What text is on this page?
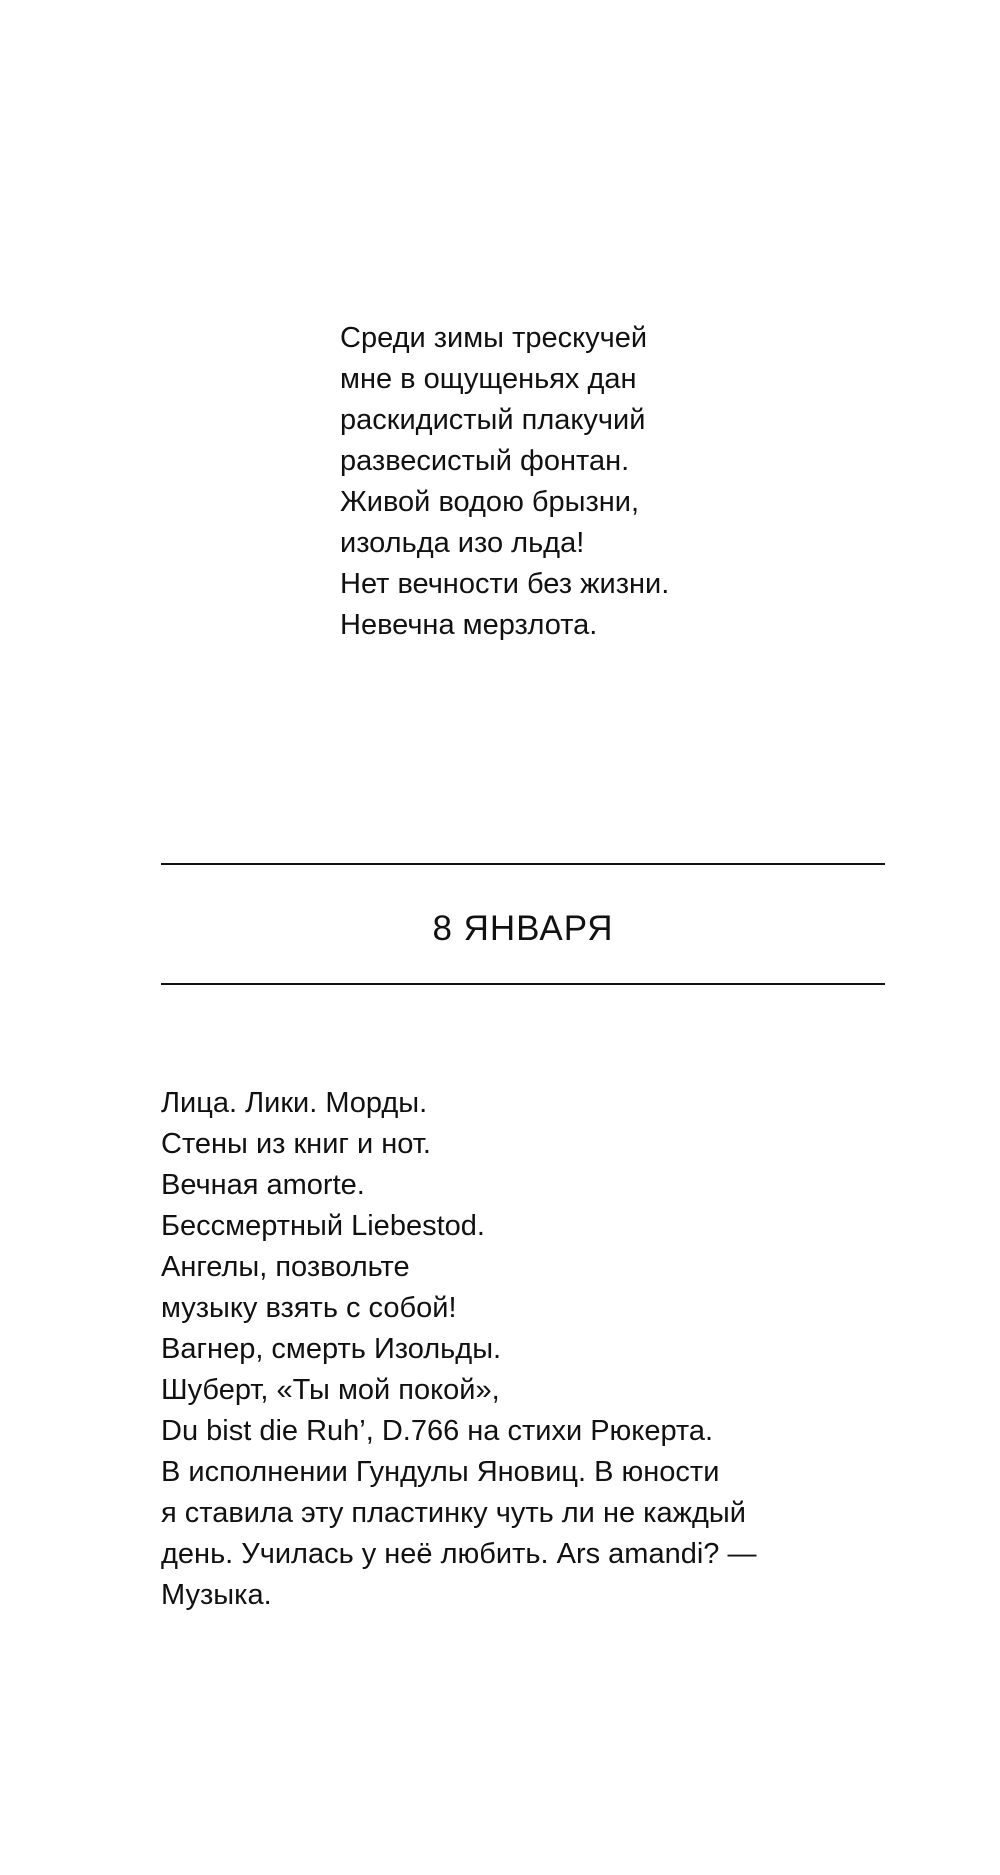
Среди зимы трескучей
мне в ощущеньях дан
раскидистый плакучий
развесистый фонтан.
Живой водою брызни,
изольда изо льда!
Нет вечности без жизни.
Невечна мерзлота.
8 ЯНВАРЯ
Лица. Лики. Морды.
Стены из книг и нот.
Вечная amorte.
Бессмертный Liebestod.
Ангелы, позвольте
музыку взять с собой!
Вагнер, смерть Изольды.
Шуберт, «Ты мой покой»,
Du bist die Ruh’, D.766 на стихи Рюкерта.
В исполнении Гундулы Яновиц. В юности
я ставила эту пластинку чуть ли не каждый
день. Училась у неё любить. Ars amandi? —
Музыка.
